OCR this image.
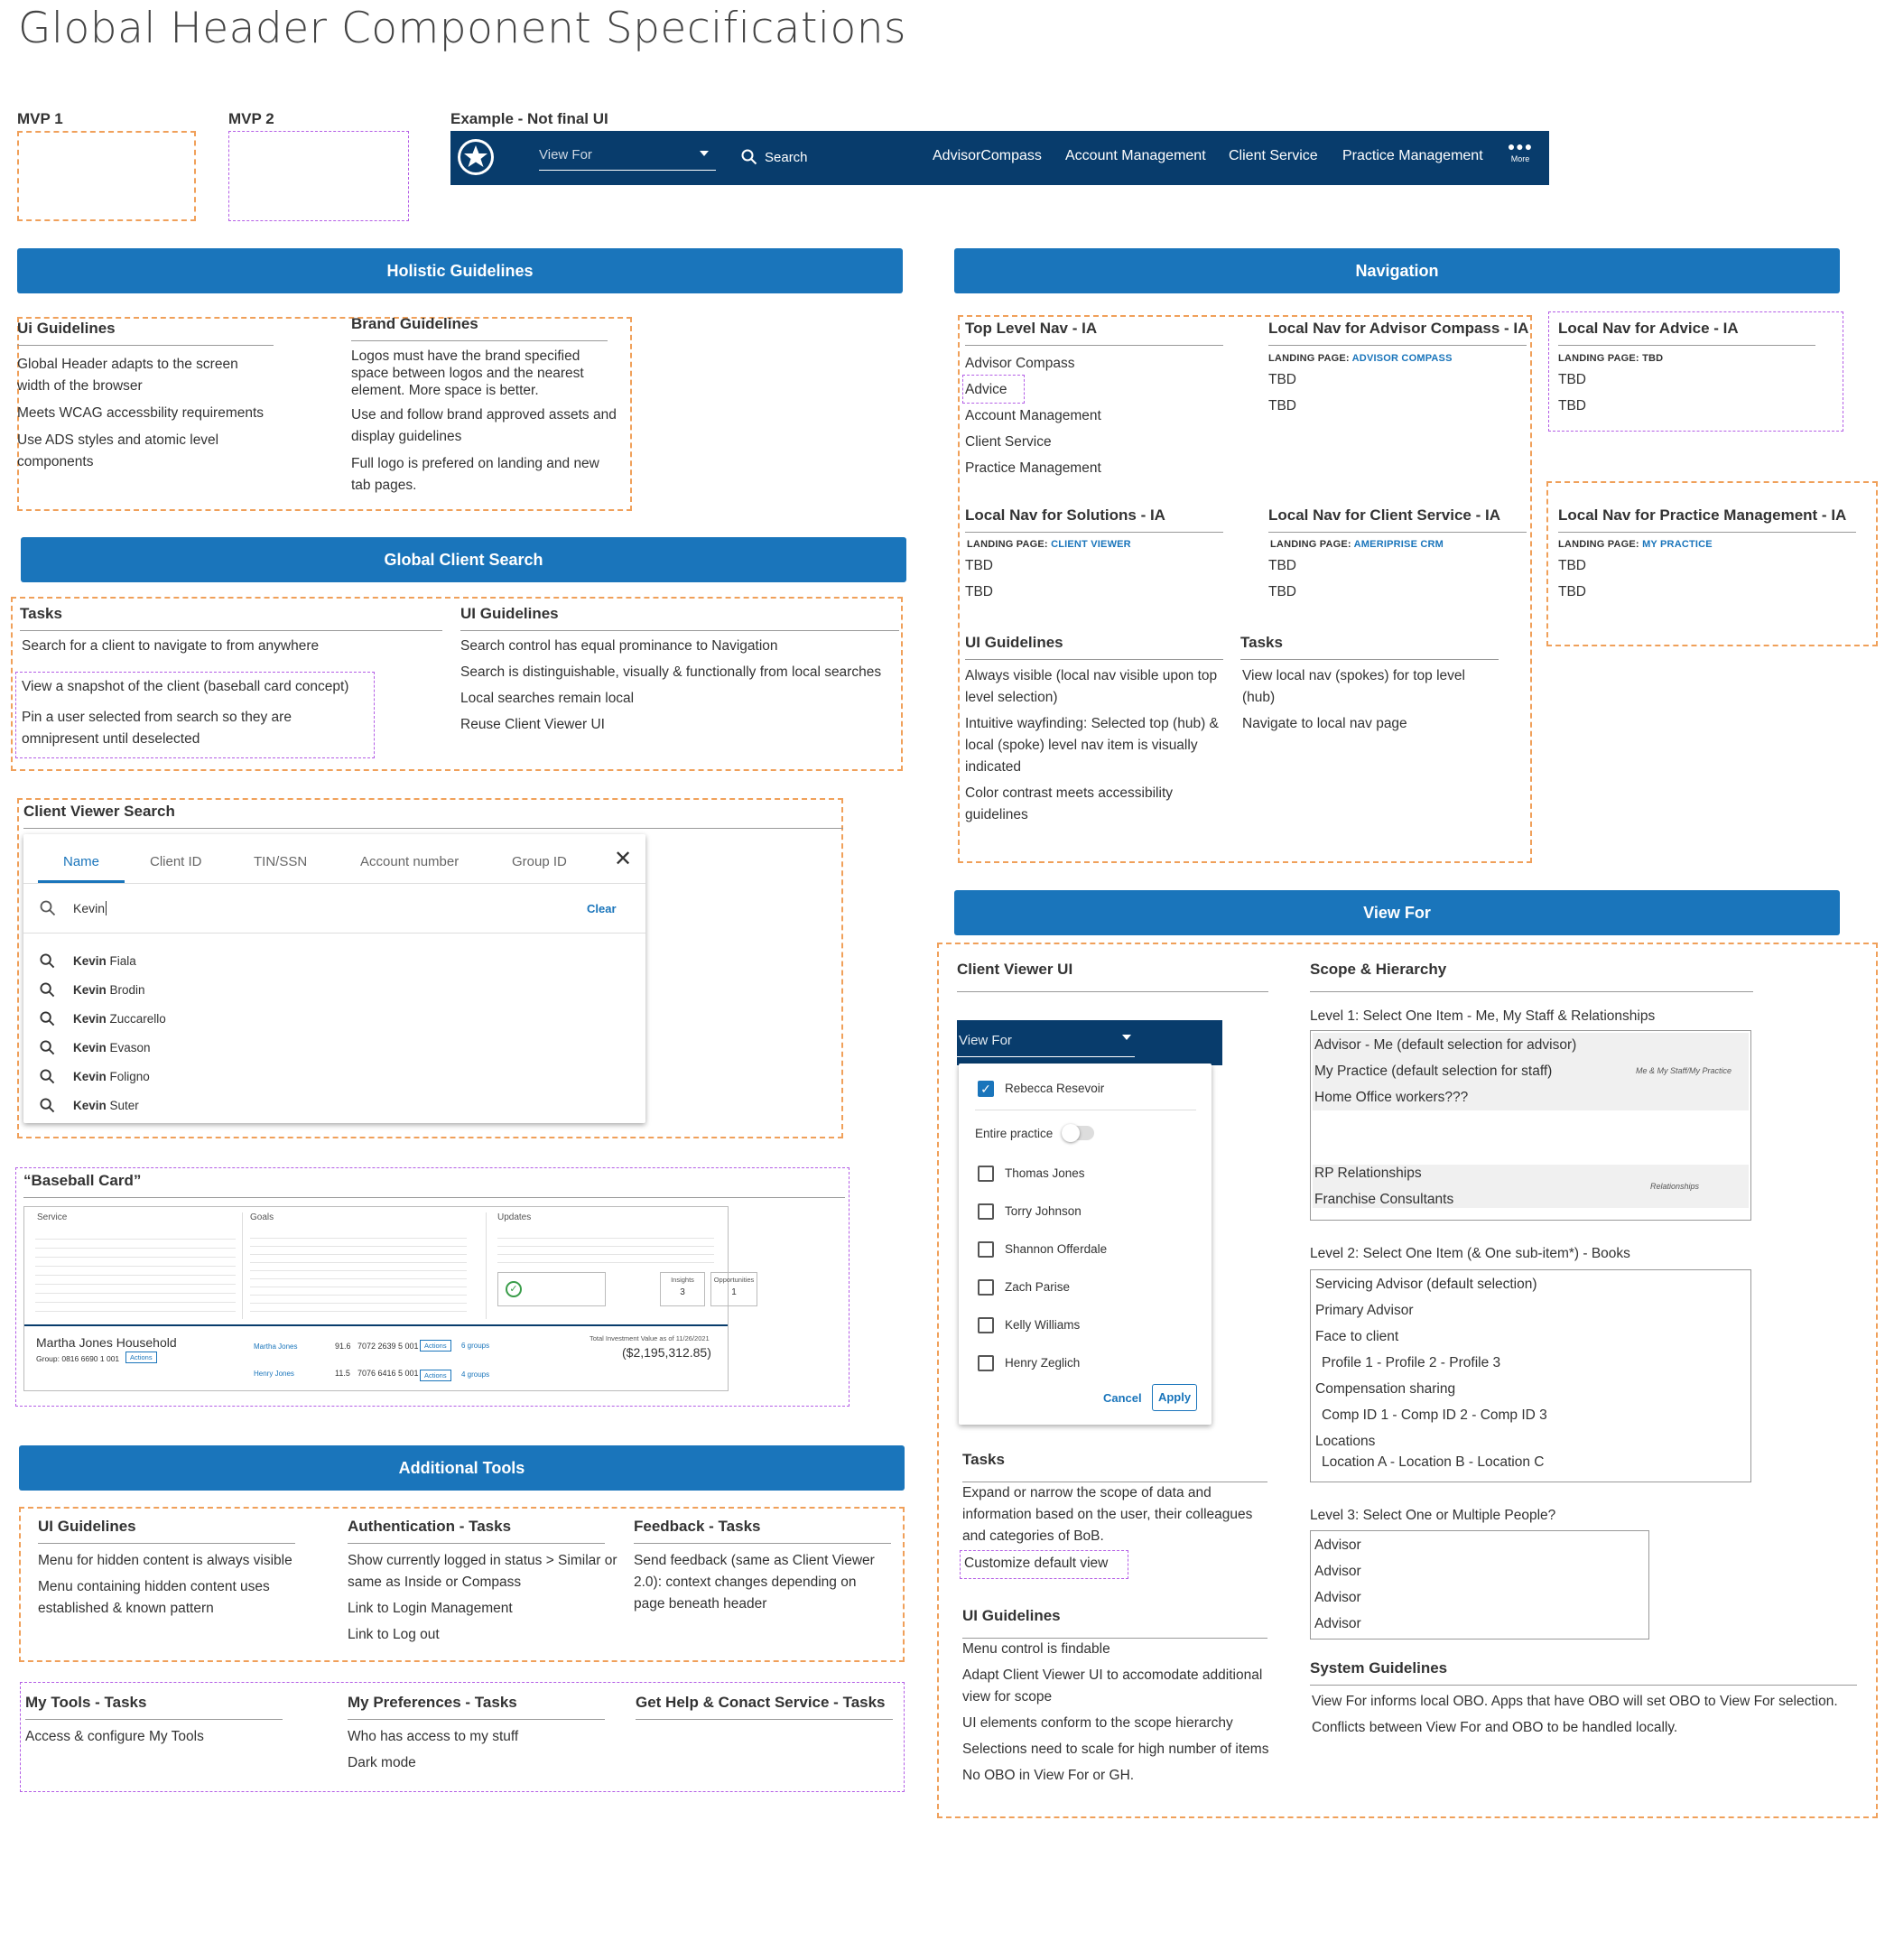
Global Header Component Specifications
MVP 1	MVP 2	Example - Not final UI
View For	Search	AdvisorCompass Account Management Client Service Practice Management
●●●
More
Holistic Guidelines
Ui Guidelines
Global Header adapts to the screen width of the browser
Meets WCAG accessbility requirements
Use ADS styles and atomic level components
Brand Guidelines
Logos must have the brand specified space between logos and the nearest element. More space is better.
Use and follow brand approved assets and display guidelines
Full logo is prefered on landing and new tab pages.
Global Client Search
Tasks
Search for a client to navigate to from anywhere
View a snapshot of the client (baseball card concept)
Pin a user selected from search so they are omnipresent until deselected
UI Guidelines
Search control has equal prominance to Navigation
Search is distinguishable, visually & functionally from local searches
Local searches remain local
Reuse Client Viewer UI
Client Viewer Search
Name	Client ID	TIN/SSN	Account number	Group ID ✕
Kevin	Clear
Kevin Fiala
Kevin Brodin
Kevin Zuccarello
Kevin Evason
Kevin Foligno
Kevin Suter
“Baseball Card”
Service	Goals	Updates
✓
Insights
3
Opportunities
1
Martha Jones Household
Group: 0816 6690 1 001	Actions
Martha Jones	91.6 7072 2639 5 001 Actions	6 groups
Henry Jones	11.5 7076 6416 5 001 Actions	4 groups
Total Investment Value as of 11/26/2021
($2,195,312.85)
Additional Tools
UI Guidelines
Menu for hidden content is always visible
Menu containing hidden content uses established & known pattern
Authentication - Tasks
Show currently logged in status > Similar or same as Inside or Compass
Link to Login Management
Link to Log out
Feedback - Tasks
Send feedback (same as Client Viewer 2.0): context changes depending on page beneath header
My Tools - Tasks
Access & configure My Tools
My Preferences - Tasks
Who has access to my stuff
Dark mode
Get Help & Conact Service - Tasks
Navigation
Top Level Nav - IA
Advisor Compass
Advice
Account Management
Client Service
Practice Management
Local Nav for Advisor Compass - IA
LANDING PAGE: ADVISOR COMPASS
TBD
TBD
Local Nav for Advice - IA
LANDING PAGE: TBD
TBD
TBD
Local Nav for Solutions - IA
LANDING PAGE: CLIENT VIEWER
TBD
TBD
Local Nav for Client Service - IA
LANDING PAGE: AMERIPRISE CRM
TBD
TBD
Local Nav for Practice Management - IA
LANDING PAGE: MY PRACTICE
TBD
TBD
UI Guidelines
Always visible (local nav visible upon top level selection)
Intuitive wayfinding: Selected top (hub) & local (spoke) level nav item is visually indicated
Color contrast meets accessibility guidelines
Tasks
View local nav (spokes) for top level (hub)
Navigate to local nav page
View For
Client Viewer UI
View For
✓ Rebecca Resevoir
Entire practice
Thomas Jones
Torry Johnson
Shannon Offerdale
Zach Parise
Kelly Williams
Henry Zeglich
Cancel	Apply
Tasks
Expand or narrow the scope of data and information based on the user, their colleagues and categories of BoB.
Customize default view
UI Guidelines
Menu control is findable
Adapt Client Viewer UI to accomodate additional view for scope
UI elements conform to the scope hierarchy
Selections need to scale for high number of items
No OBO in View For or GH.
Scope & Hierarchy
Level 1: Select One Item - Me, My Staff & Relationships
Advisor - Me (default selection for advisor)
My Practice (default selection for staff)
Home Office workers???
Me & My Staff/My Practice
RP Relationships
Franchise Consultants
Relationships
Level 2: Select One Item (& One sub-item*) - Books
Servicing Advisor (default selection)
Primary Advisor
Face to client
Profile 1 - Profile 2 - Profile 3
Compensation sharing
Comp ID 1 - Comp ID 2 - Comp ID 3
Locations
Location A - Location B - Location C
Level 3: Select One or Multiple People?
Advisor
Advisor
Advisor
Advisor
System Guidelines
View For informs local OBO. Apps that have OBO will set OBO to View For selection.
Conflicts between View For and OBO to be handled locally.
